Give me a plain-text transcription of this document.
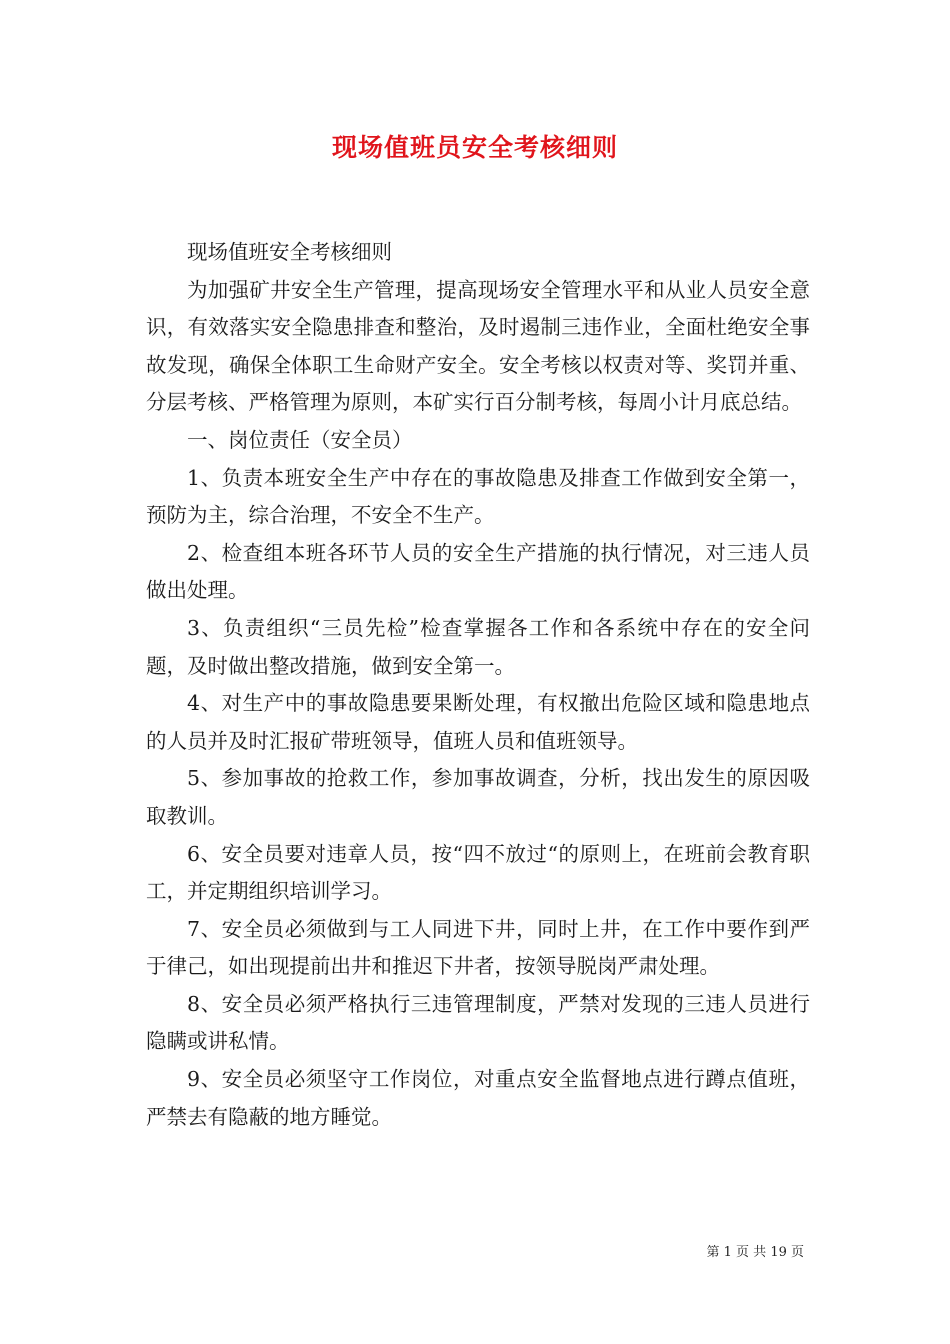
现场值班员安全考核细则

现场值班安全考核细则

为加强矿井安全生产管理，提高现场安全管理水平和从业人员安全意识，有效落实安全隐患排查和整治，及时遏制三违作业，全面杜绝安全事故发现，确保全体职工生命财产安全。安全考核以权责对等、奖罚并重、分层考核、严格管理为原则，本矿实行百分制考核，每周小计月底总结。

一、岗位责任（安全员）

1、负责本班安全生产中存在的事故隐患及排查工作做到安全第一，预防为主，综合治理，不安全不生产。

2、检查组本班各环节人员的安全生产措施的执行情况，对三违人员做出处理。

3、负责组织“三员先检”检查掌握各工作和各系统中存在的安全问题，及时做出整改措施，做到安全第一。

4、对生产中的事故隐患要果断处理，有权撤出危险区域和隐患地点的人员并及时汇报矿带班领导，值班人员和值班领导。

5、参加事故的抢救工作，参加事故调查，分析，找出发生的原因吸取教训。

6、安全员要对违章人员，按“四不放过“的原则上，在班前会教育职工，并定期组织培训学习。

7、安全员必须做到与工人同进下井，同时上井，在工作中要作到严于律己，如出现提前出井和推迟下井者，按领导脱岗严肃处理。

8、安全员必须严格执行三违管理制度，严禁对发现的三违人员进行隐瞒或讲私情。

9、安全员必须坚守工作岗位，对重点安全监督地点进行蹲点值班，严禁去有隐蔽的地方睡觉。

第 1 页 共 19 页
